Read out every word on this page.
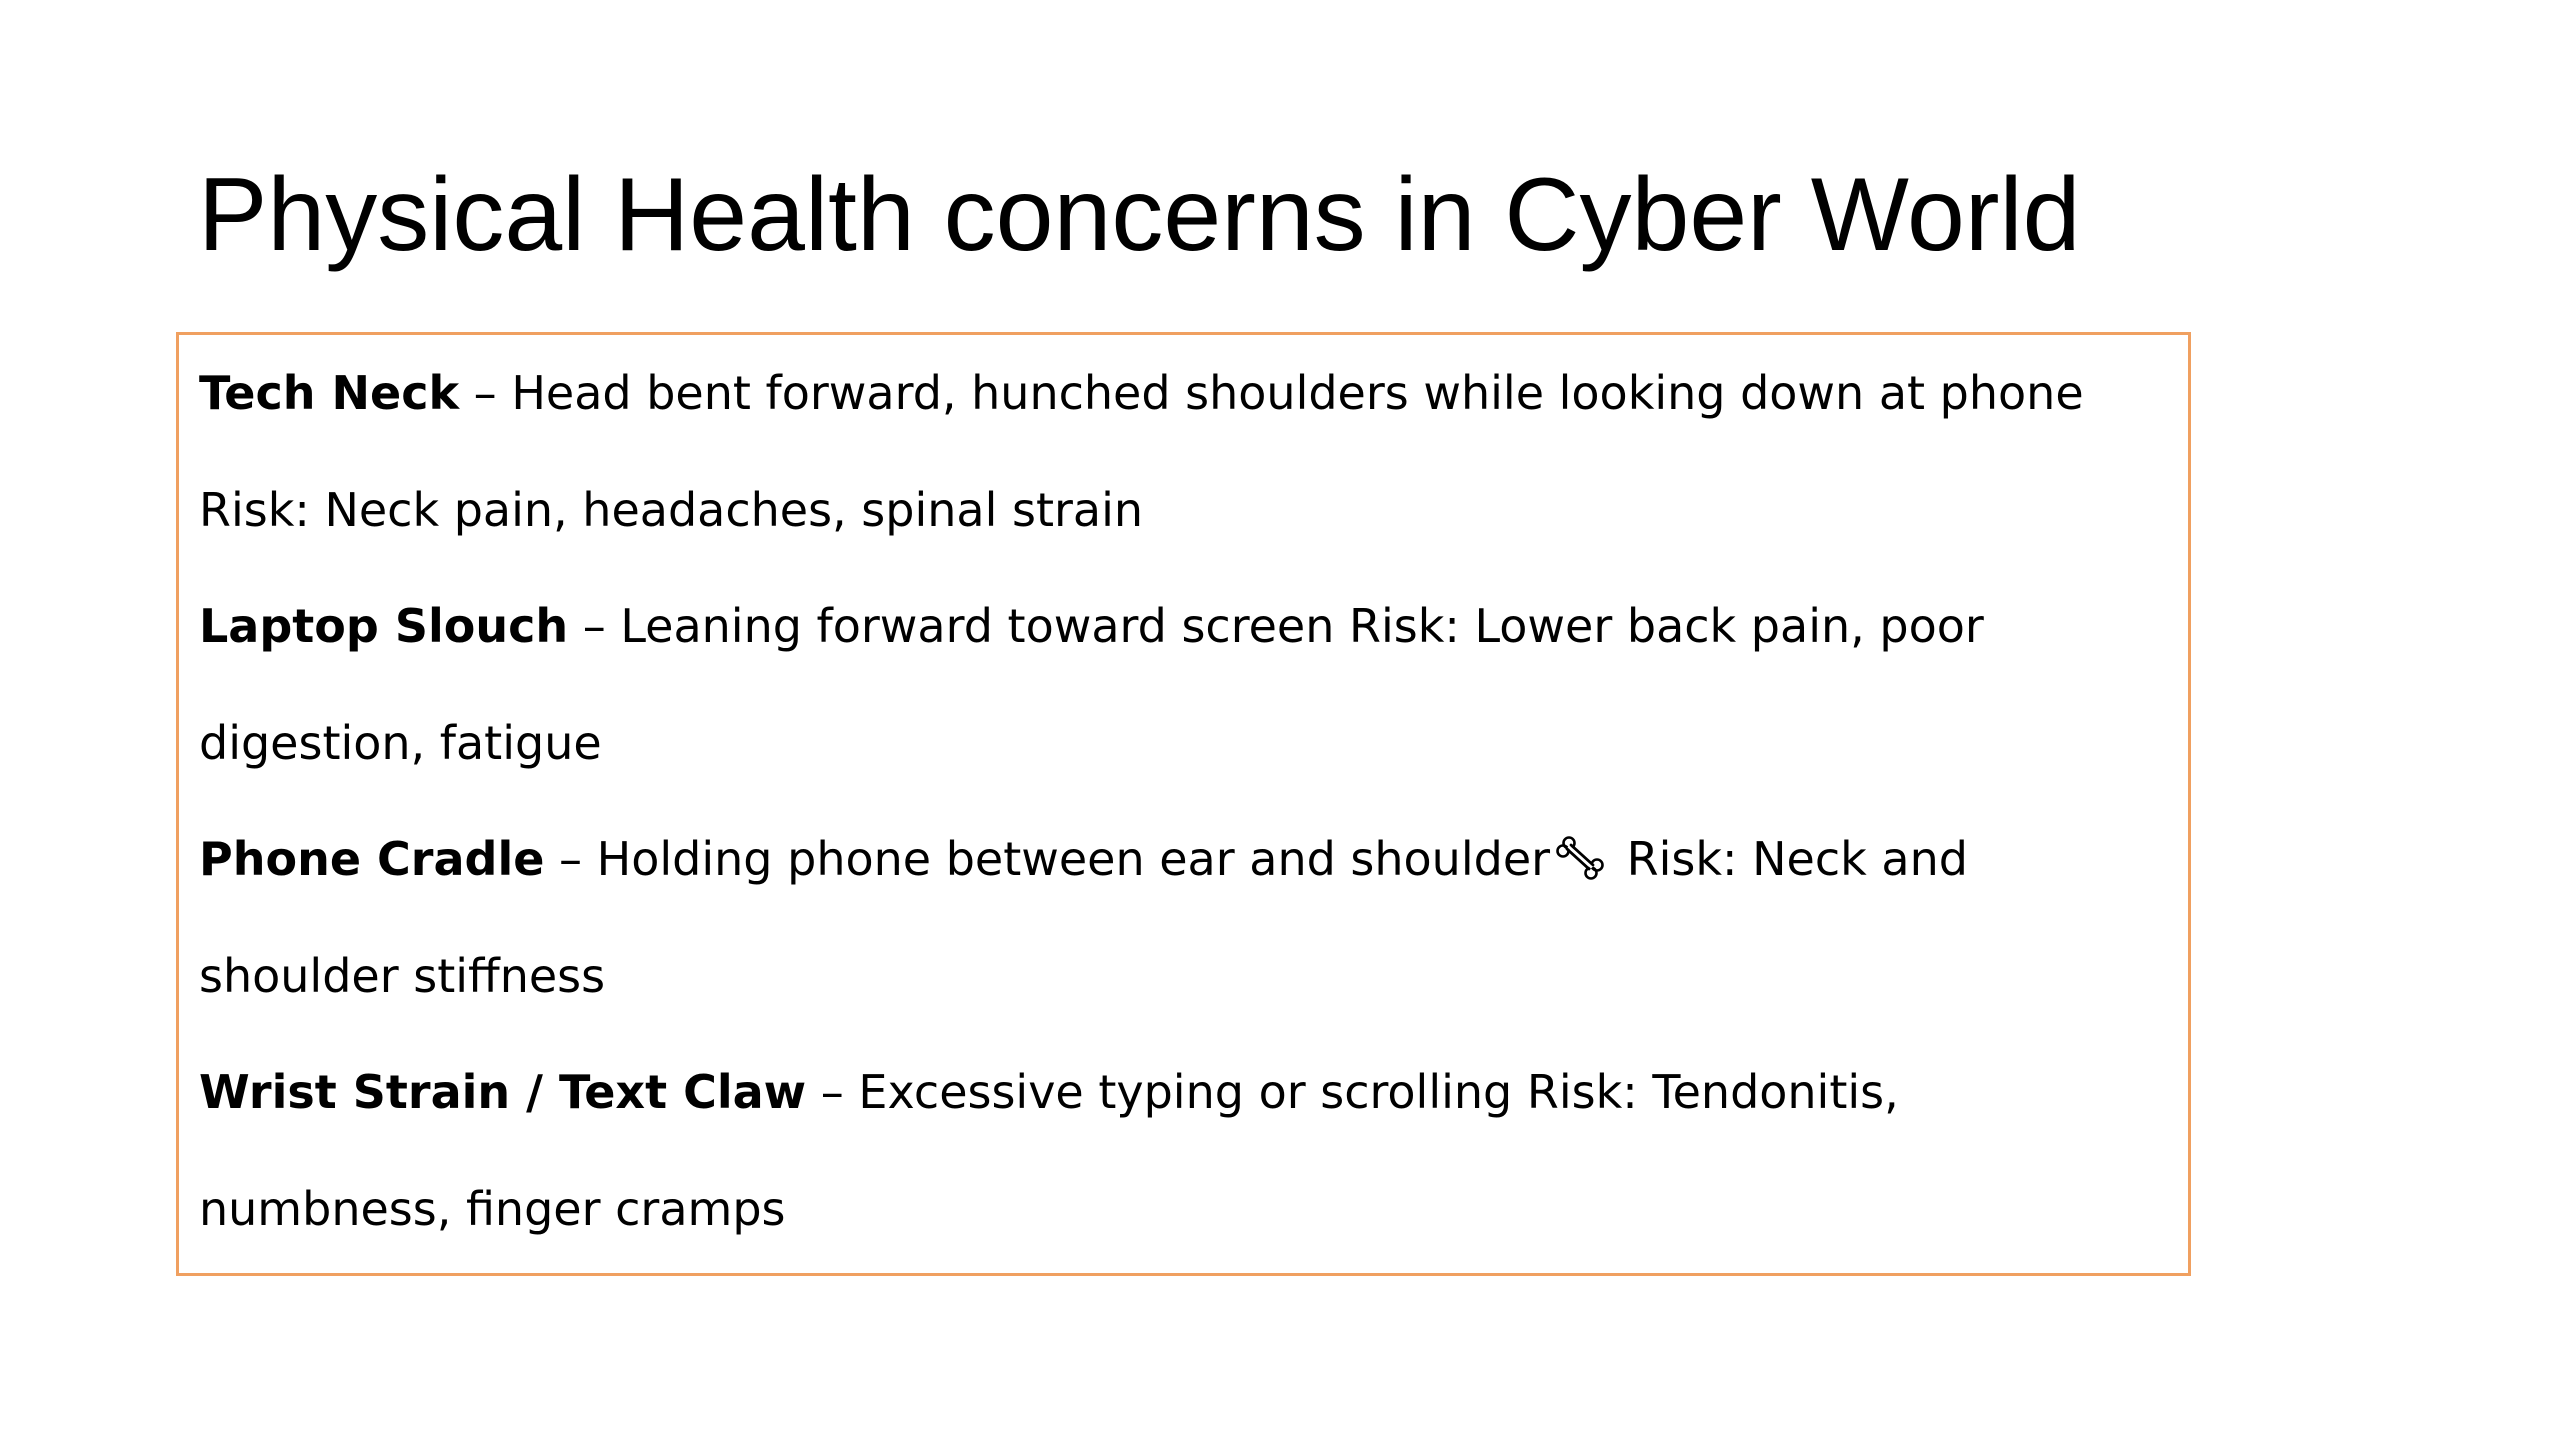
Physical Health concerns in Cyber World

Tech Neck – Head bent forward, hunched shoulders while looking down at phone

Risk: Neck pain, headaches, spinal strain

Laptop Slouch – Leaning forward toward screen Risk: Lower back pain, poor

digestion, fatigue

Phone Cradle – Holding phone between ear and shoulder Risk: Neck and

shoulder stiffness

Wrist Strain / Text Claw – Excessive typing or scrolling Risk: Tendonitis,

numbness, finger cramps
